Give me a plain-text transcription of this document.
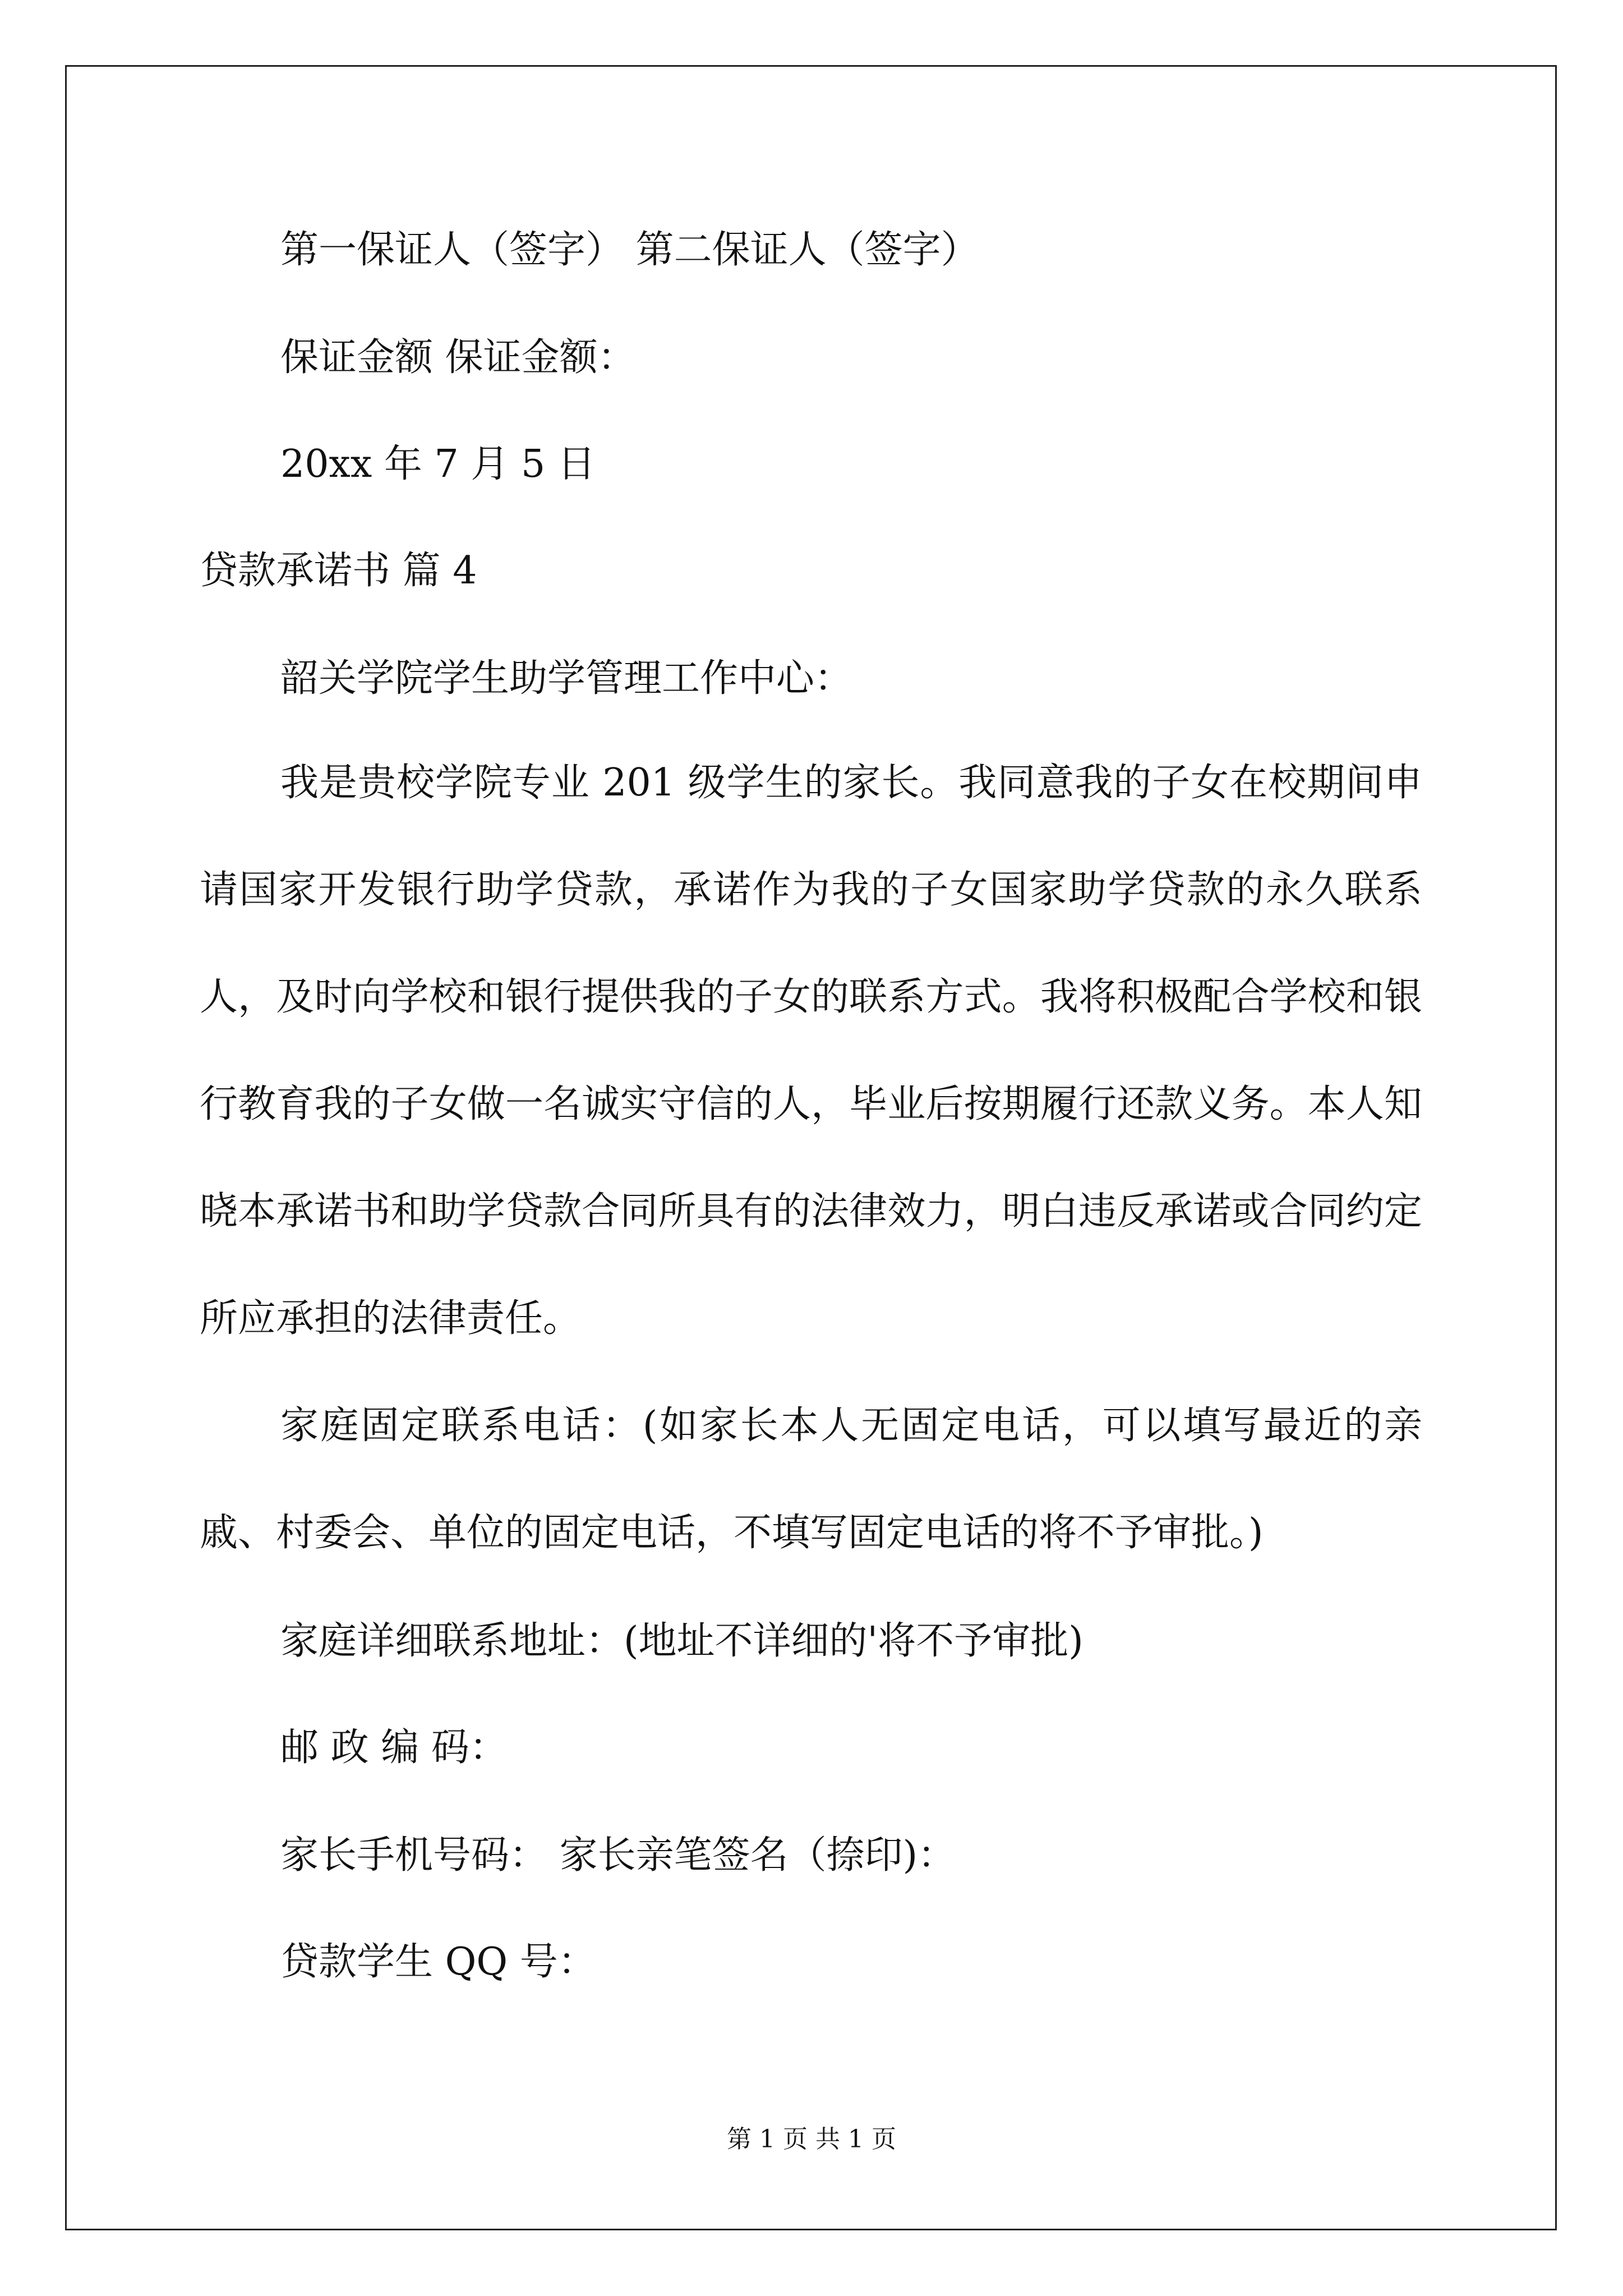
第一保证人（签字） 第二保证人（签字）
保证金额 保证金额：
20xx 年 7 月 5 日
贷款承诺书 篇 4
韶关学院学生助学管理工作中心：
我是贵校学院专业 201 级学生的家长。我同意我的子女在校期间申请国家开发银行助学贷款，承诺作为我的子女国家助学贷款的永久联系人，及时向学校和银行提供我的子女的联系方式。我将积极配合学校和银行教育我的子女做一名诚实守信的人，毕业后按期履行还款义务。本人知晓本承诺书和助学贷款合同所具有的法律效力，明白违反承诺或合同约定所应承担的法律责任。
家庭固定联系电话：(如家长本人无固定电话，可以填写最近的亲戚、村委会、单位的固定电话，不填写固定电话的将不予审批。)
家庭详细联系地址：(地址不详细的'将不予审批)
邮 政 编 码：
家长手机号码： 家长亲笔签名（捺印)：
贷款学生 QQ 号：
第 1 页 共 1 页
